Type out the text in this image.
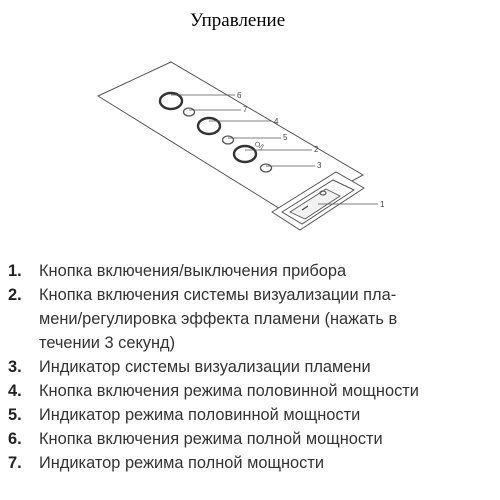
Управление
O/|
6
7
4
5
2
3
1
1.	Кнопка включения/выключения прибора
2.	Кнопка включения системы визуализации пла-
мени/регулировка эффекта пламени (нажать в
течении 3 секунд)
3.	Индикатор системы визуализации пламени
4.	Кнопка включения режима половинной мощности
5.	Индикатор режима половинной мощности
6.	Кнопка включения режима полной мощности
7.	Индикатор режима полной мощности
